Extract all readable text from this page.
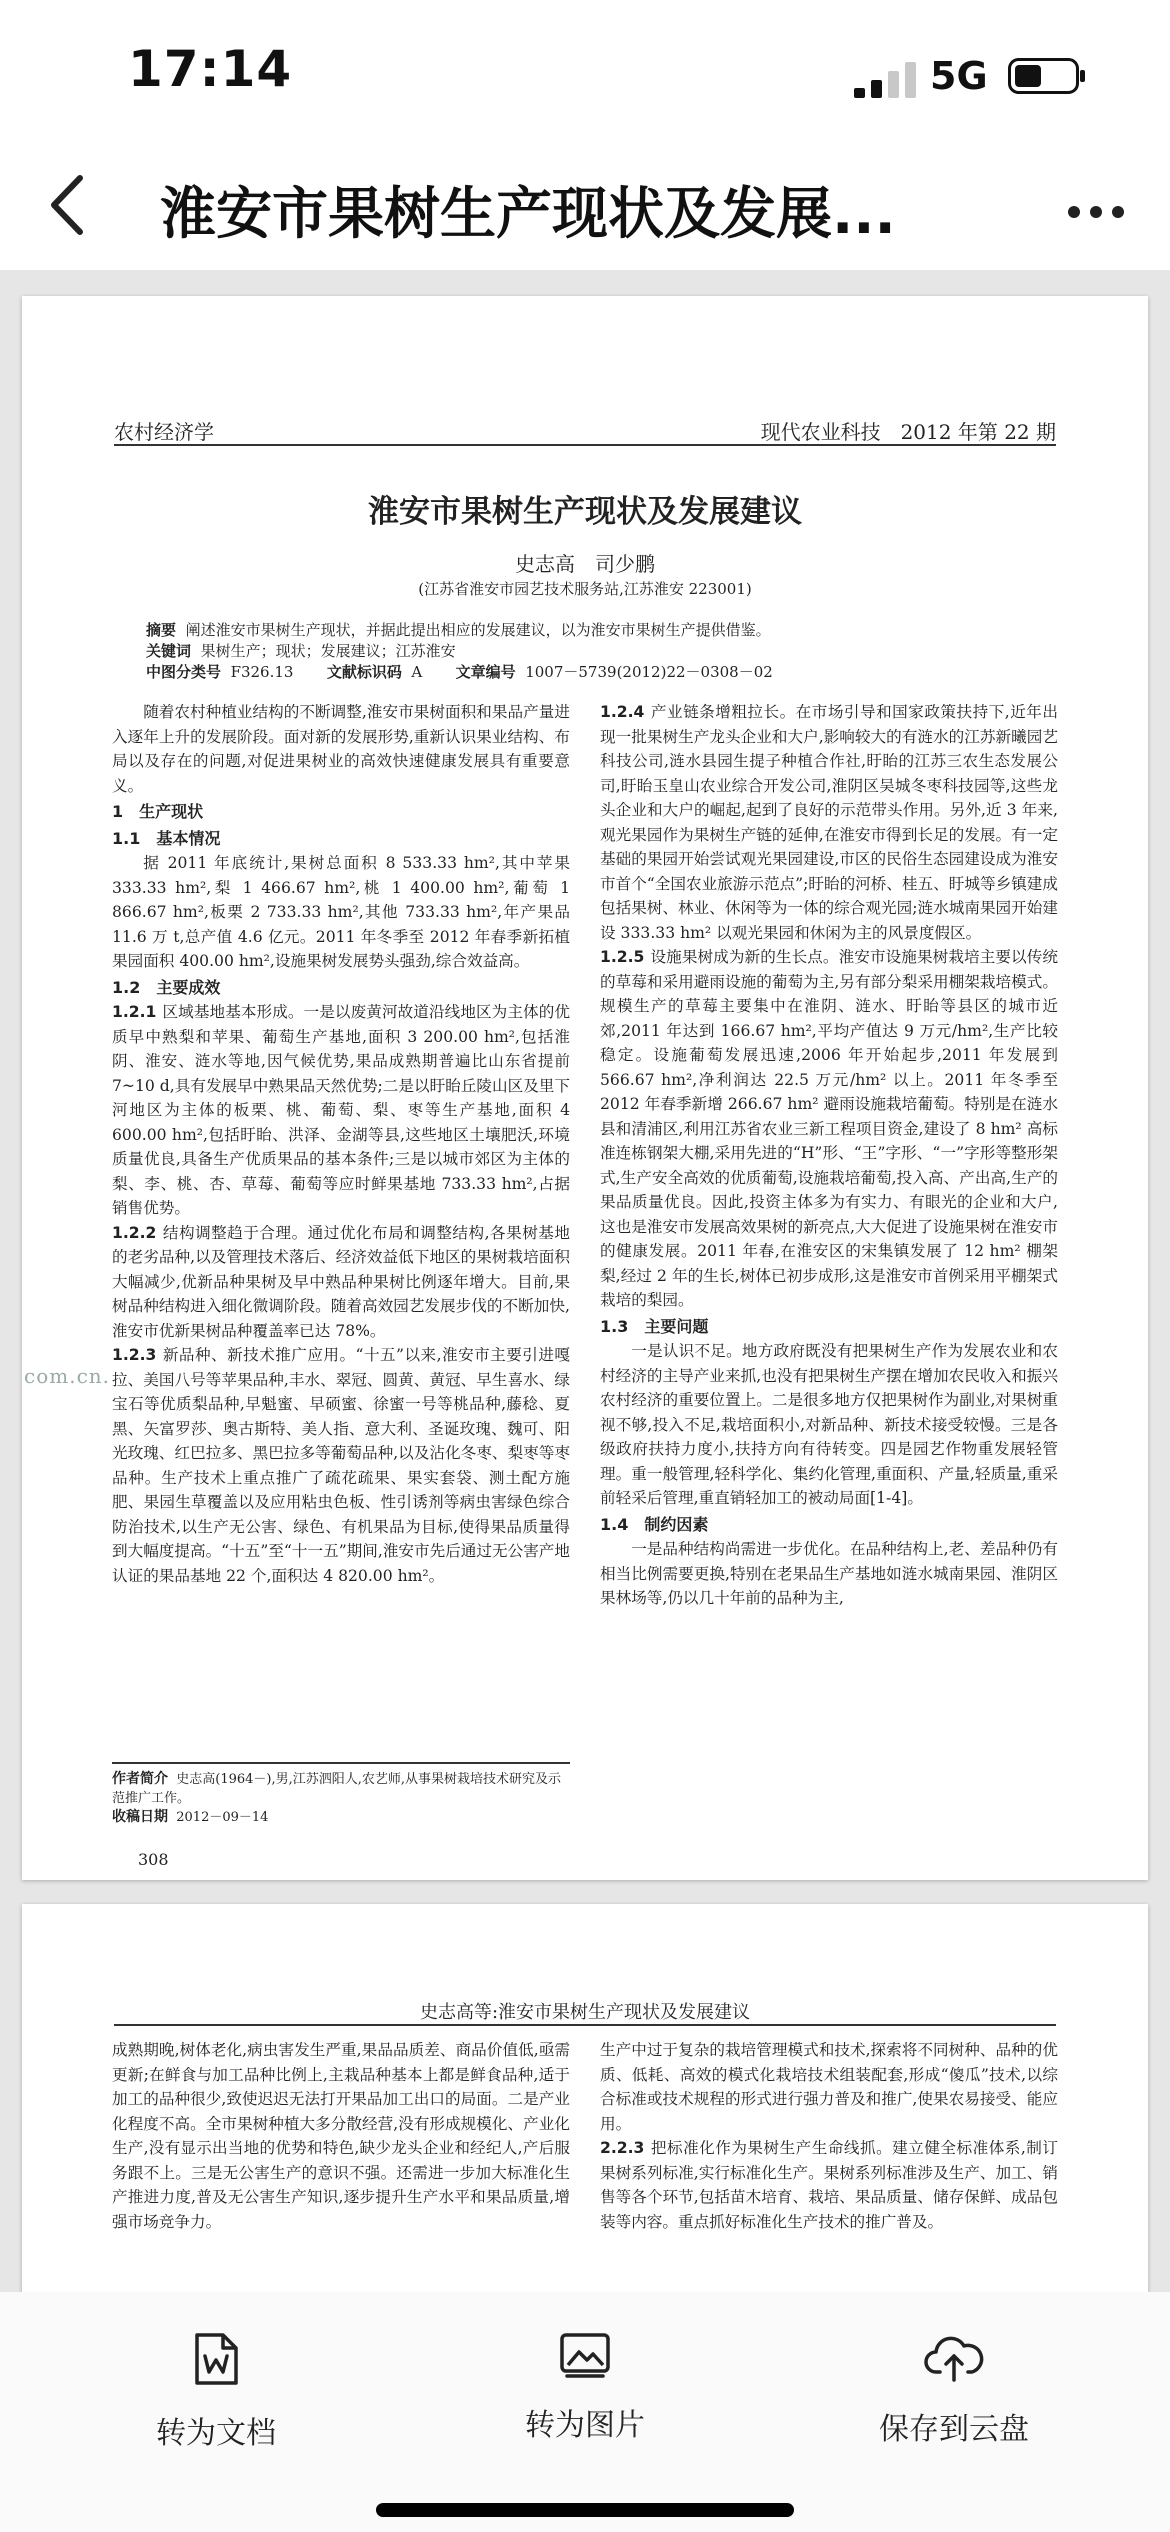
17:14	5G
淮安市果树生产现状及发展...
农村经济学	现代农业科技　2012 年第 22 期
淮安市果树生产现状及发展建议
史志高　司少鹏
(江苏省淮安市园艺技术服务站,江苏淮安 223001)
摘要 阐述淮安市果树生产现状，并据此提出相应的发展建议，以为淮安市果树生产提供借鉴。
关键词 果树生产；现状；发展建议；江苏淮安
中图分类号 F326.13 文献标识码 A 文章编号 1007－5739(2012)22－0308－02

随着农村种植业结构的不断调整,淮安市果树面积和果品产量进入逐年上升的发展阶段。面对新的发展形势,重新认识果业结构、布局以及存在的问题,对促进果树业的高效快速健康发展具有重要意义。

1　生产现状
1.1　基本情况

据 2011 年底统计,果树总面积 8 533.33 hm²,其中苹果 333.33 hm²,梨 1 466.67 hm²,桃 1 400.00 hm²,葡萄 1 866.67 hm²,板栗 2 733.33 hm²,其他 733.33 hm²,年产果品 11.6 万 t,总产值 4.6 亿元。2011 年冬季至 2012 年春季新拓植果园面积 400.00 hm²,设施果树发展势头强劲,综合效益高。

1.2　主要成效

1.2.1 区域基地基本形成。一是以废黄河故道沿线地区为主体的优质早中熟梨和苹果、葡萄生产基地,面积 3 200.00 hm²,包括淮阴、淮安、涟水等地,因气候优势,果品成熟期普遍比山东省提前 7~10 d,具有发展早中熟果品天然优势;二是以盱眙丘陵山区及里下河地区为主体的板栗、桃、葡萄、梨、枣等生产基地,面积 4 600.00 hm²,包括盱眙、洪泽、金湖等县,这些地区土壤肥沃,环境质量优良,具备生产优质果品的基本条件;三是以城市郊区为主体的梨、李、桃、杏、草莓、葡萄等应时鲜果基地 733.33 hm²,占据销售优势。

1.2.2 结构调整趋于合理。通过优化布局和调整结构,各果树基地的老劣品种,以及管理技术落后、经济效益低下地区的果树栽培面积大幅减少,优新品种果树及早中熟品种果树比例逐年增大。目前,果树品种结构进入细化微调阶段。随着高效园艺发展步伐的不断加快,淮安市优新果树品种覆盖率已达 78%。

1.2.3 新品种、新技术推广应用。“十五”以来,淮安市主要引进嘎拉、美国八号等苹果品种,丰水、翠冠、圆黄、黄冠、早生喜水、绿宝石等优质梨品种,早魁蜜、早硕蜜、徐蜜一号等桃品种,藤稔、夏黑、矢富罗莎、奥古斯特、美人指、意大利、圣诞玫瑰、魏可、阳光玫瑰、红巴拉多、黑巴拉多等葡萄品种,以及沾化冬枣、梨枣等枣品种。生产技术上重点推广了疏花疏果、果实套袋、测土配方施肥、果园生草覆盖以及应用粘虫色板、性引诱剂等病虫害绿色综合防治技术,以生产无公害、绿色、有机果品为目标,使得果品质量得到大幅度提高。“十五”至“十一五”期间,淮安市先后通过无公害产地认证的果品基地 22 个,面积达 4 820.00 hm²。

作者简介 史志高(1964－),男,江苏泗阳人,农艺师,从事果树栽培技术研究及示范推广工作。
收稿日期 2012－09－14
308

1.2.4 产业链条增粗拉长。在市场引导和国家政策扶持下,近年出现一批果树生产龙头企业和大户,影响较大的有涟水的江苏新曦园艺科技公司,涟水县园生提子种植合作社,盱眙的江苏三农生态发展公司,盱眙玉皇山农业综合开发公司,淮阴区吴城冬枣科技园等,这些龙头企业和大户的崛起,起到了良好的示范带头作用。另外,近 3 年来,观光果园作为果树生产链的延伸,在淮安市得到长足的发展。有一定基础的果园开始尝试观光果园建设,市区的民俗生态园建设成为淮安市首个“全国农业旅游示范点”;盱眙的河桥、桂五、盱城等乡镇建成包括果树、林业、休闲等为一体的综合观光园;涟水城南果园开始建设 333.33 hm² 以观光果园和休闲为主的风景度假区。

1.2.5 设施果树成为新的生长点。淮安市设施果树栽培主要以传统的草莓和采用避雨设施的葡萄为主,另有部分梨采用棚架栽培模式。规模生产的草莓主要集中在淮阴、涟水、盱眙等县区的城市近郊,2011 年达到 166.67 hm²,平均产值达 9 万元/hm²,生产比较稳定。设施葡萄发展迅速,2006 年开始起步,2011 年发展到 566.67 hm²,净利润达 22.5 万元/hm² 以上。2011 年冬季至 2012 年春季新增 266.67 hm² 避雨设施栽培葡萄。特别是在涟水县和清浦区,利用江苏省农业三新工程项目资金,建设了 8 hm² 高标准连栋钢架大棚,采用先进的“H”形、“王”字形、“一”字形等整形架式,生产安全高效的优质葡萄,设施栽培葡萄,投入高、产出高,生产的果品质量优良。因此,投资主体多为有实力、有眼光的企业和大户,这也是淮安市发展高效果树的新亮点,大大促进了设施果树在淮安市的健康发展。2011 年春,在淮安区的宋集镇发展了 12 hm² 棚架梨,经过 2 年的生长,树体已初步成形,这是淮安市首例采用平棚架式栽培的梨园。

1.3　主要问题

一是认识不足。地方政府既没有把果树生产作为发展农业和农村经济的主导产业来抓,也没有把果树生产摆在增加农民收入和振兴农村经济的重要位置上。二是很多地方仅把果树作为副业,对果树重视不够,投入不足,栽培面积小,对新品种、新技术接受较慢。三是各级政府扶持力度小,扶持方向有待转变。四是园艺作物重发展轻管理。重一般管理,轻科学化、集约化管理,重面积、产量,轻质量,重采前轻采后管理,重直销轻加工的被动局面[1-4]。

1.4　制约因素

一是品种结构尚需进一步优化。在品种结构上,老、差品种仍有相当比例需要更换,特别在老果品生产基地如涟水城南果园、淮阴区果林场等,仍以几十年前的品种为主,

com.cn.
史志高等:淮安市果树生产现状及发展建议

成熟期晚,树体老化,病虫害发生严重,果品品质差、商品价值低,亟需更新;在鲜食与加工品种比例上,主栽品种基本上都是鲜食品种,适于加工的品种很少,致使迟迟无法打开果品加工出口的局面。二是产业化程度不高。全市果树种植大多分散经营,没有形成规模化、产业化生产,没有显示出当地的优势和特色,缺少龙头企业和经纪人,产后服务跟不上。三是无公害生产的意识不强。还需进一步加大标准化生产推进力度,普及无公害生产知识,逐步提升生产水平和果品质量,增强市场竞争力。

生产中过于复杂的栽培管理模式和技术,探索将不同树种、品种的优质、低耗、高效的模式化栽培技术组装配套,形成“傻瓜”技术,以综合标准或技术规程的形式进行强力普及和推广,使果农易接受、能应用。

2.2.3 把标准化作为果树生产生命线抓。建立健全标准体系,制订果树系列标准,实行标准化生产。果树系列标准涉及生产、加工、销售等各个环节,包括苗木培育、栽培、果品质量、储存保鲜、成品包装等内容。重点抓好标准化生产技术的推广普及。

转为文档	转为图片	保存到云盘
